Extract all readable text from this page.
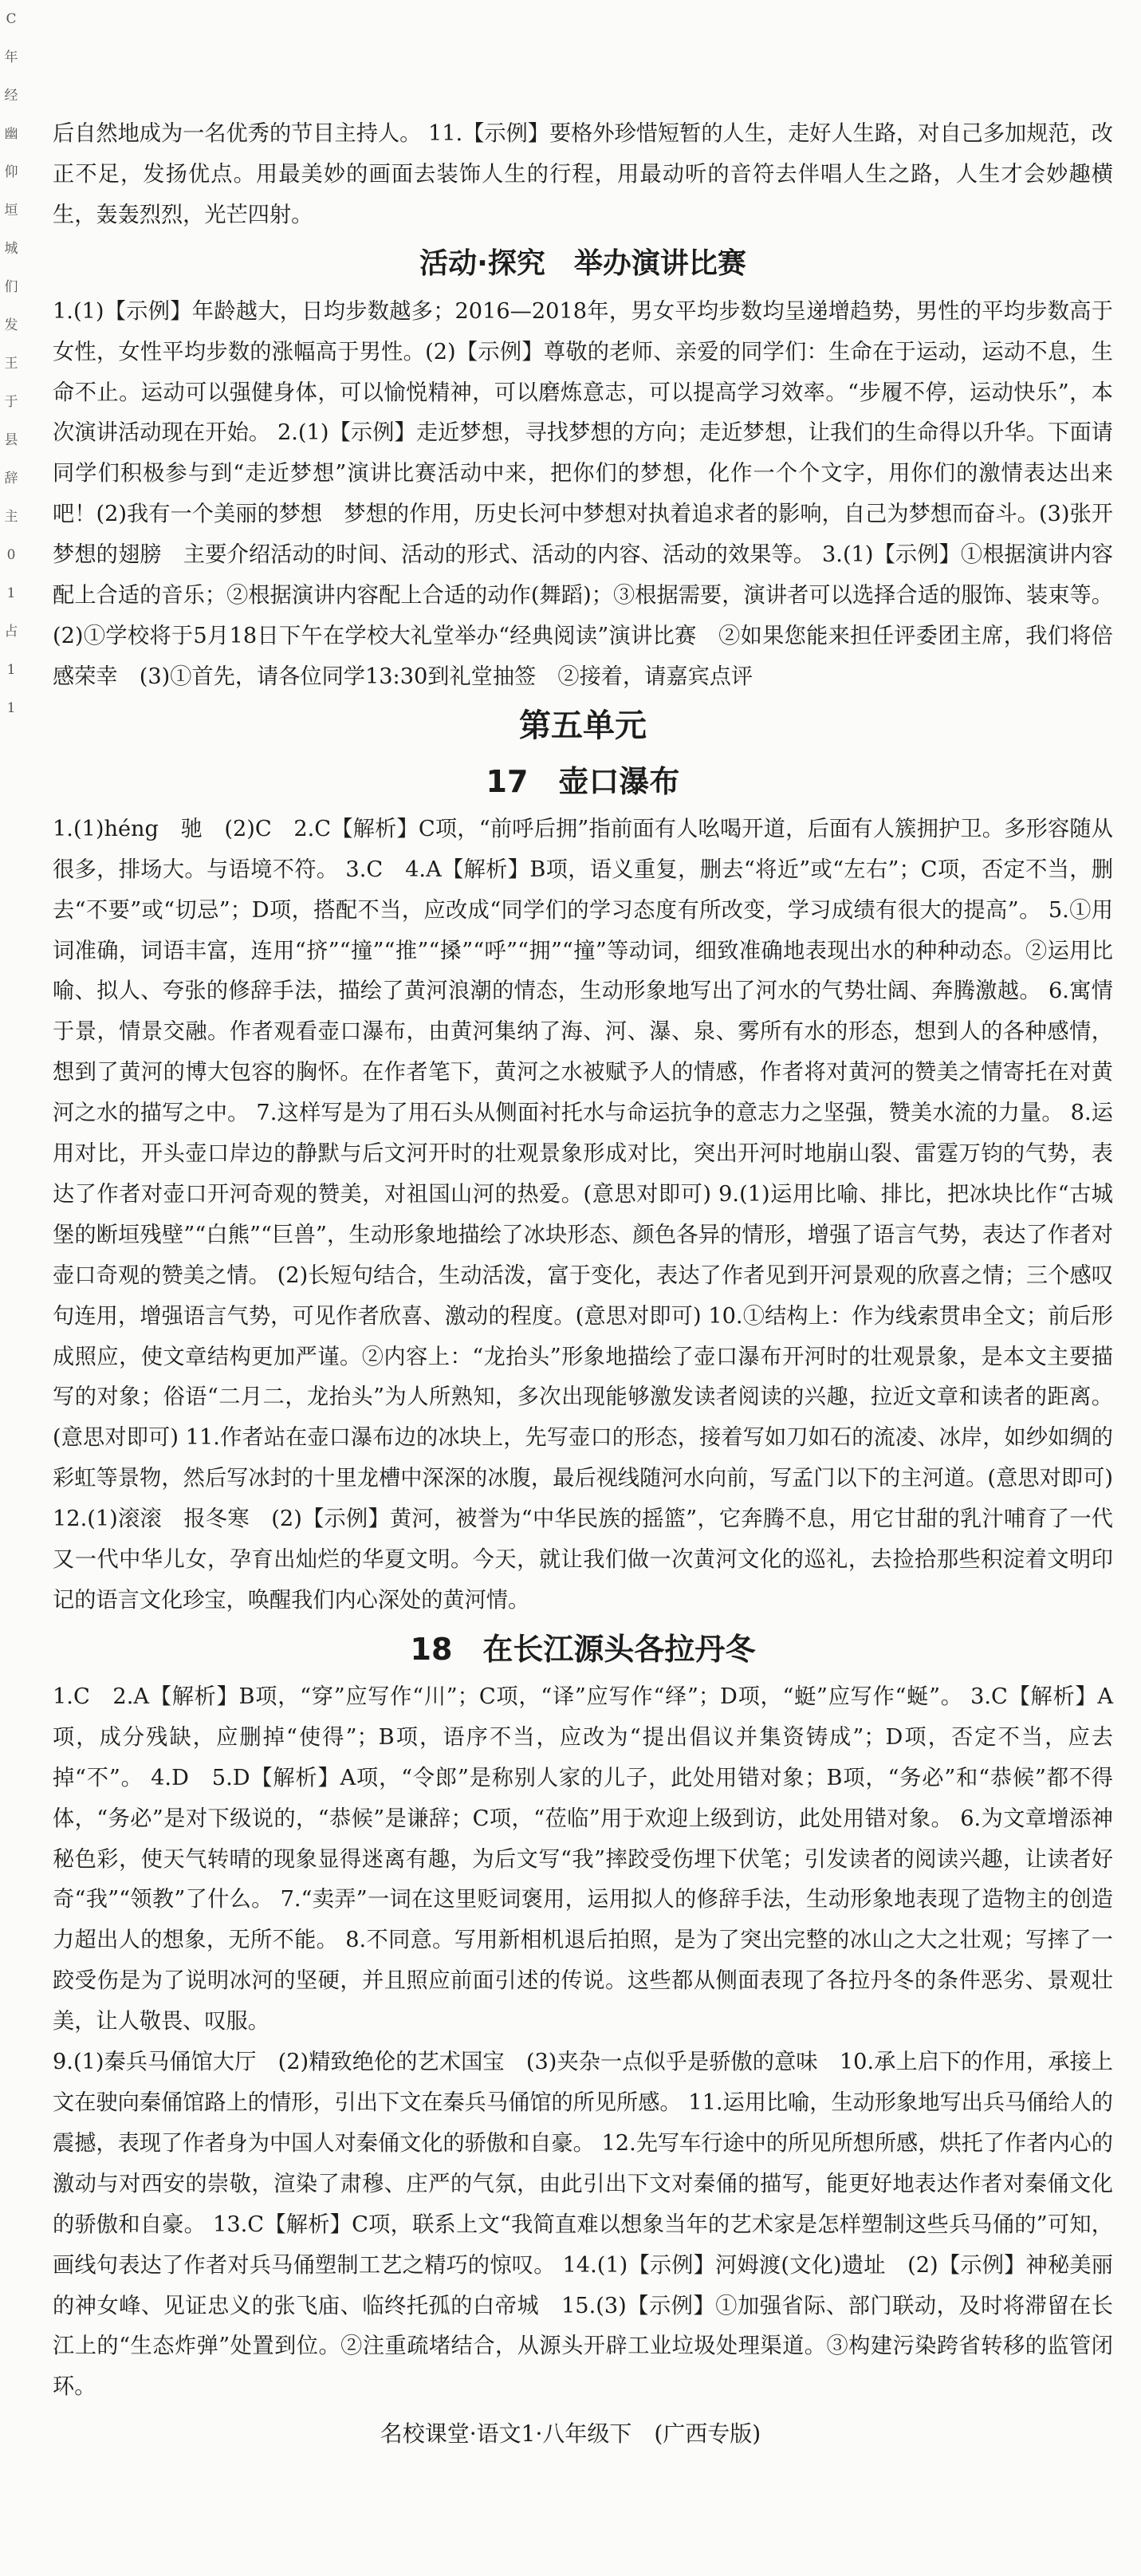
C
年
经
幽
仰
垣
城
们
发
王
于
县
辞
主
0
1
占
1
1

后自然地成为一名优秀的节目主持人。 11.【示例】要格外珍惜短暂的人生，走好人生路，对自己多加规范，改正不足，发扬优点。用最美妙的画面去装饰人生的行程，用最动听的音符去伴唱人生之路，人生才会妙趣横生，轰轰烈烈，光芒四射。

活动·探究　举办演讲比赛

1.(1)【示例】年龄越大，日均步数越多；2016—2018年，男女平均步数均呈递增趋势，男性的平均步数高于女性，女性平均步数的涨幅高于男性。(2)【示例】尊敬的老师、亲爱的同学们：生命在于运动，运动不息，生命不止。运动可以强健身体，可以愉悦精神，可以磨炼意志，可以提高学习效率。“步履不停，运动快乐”，本次演讲活动现在开始。 2.(1)【示例】走近梦想，寻找梦想的方向；走近梦想，让我们的生命得以升华。下面请同学们积极参与到“走近梦想”演讲比赛活动中来，把你们的梦想，化作一个个文字，用你们的激情表达出来吧！(2)我有一个美丽的梦想　梦想的作用，历史长河中梦想对执着追求者的影响，自己为梦想而奋斗。(3)张开梦想的翅膀　主要介绍活动的时间、活动的形式、活动的内容、活动的效果等。 3.(1)【示例】①根据演讲内容配上合适的音乐；②根据演讲内容配上合适的动作(舞蹈)；③根据需要，演讲者可以选择合适的服饰、装束等。 (2)①学校将于5月18日下午在学校大礼堂举办“经典阅读”演讲比赛　②如果您能来担任评委团主席，我们将倍感荣幸　(3)①首先，请各位同学13:30到礼堂抽签　②接着，请嘉宾点评

第五单元
17　壶口瀑布

1.(1)héng　驰　(2)C　2.C【解析】C项，“前呼后拥”指前面有人吆喝开道，后面有人簇拥护卫。多形容随从很多，排场大。与语境不符。 3.C　4.A【解析】B项，语义重复，删去“将近”或“左右”；C项，否定不当，删去“不要”或“切忌”；D项，搭配不当，应改成“同学们的学习态度有所改变，学习成绩有很大的提高”。 5.①用词准确，词语丰富，连用“挤”“撞”“推”“搡”“呼”“拥”“撞”等动词，细致准确地表现出水的种种动态。②运用比喻、拟人、夸张的修辞手法，描绘了黄河浪潮的情态，生动形象地写出了河水的气势壮阔、奔腾激越。 6.寓情于景，情景交融。作者观看壶口瀑布，由黄河集纳了海、河、瀑、泉、雾所有水的形态，想到人的各种感情，想到了黄河的博大包容的胸怀。在作者笔下，黄河之水被赋予人的情感，作者将对黄河的赞美之情寄托在对黄河之水的描写之中。 7.这样写是为了用石头从侧面衬托水与命运抗争的意志力之坚强，赞美水流的力量。 8.运用对比，开头壶口岸边的静默与后文河开时的壮观景象形成对比，突出开河时地崩山裂、雷霆万钧的气势，表达了作者对壶口开河奇观的赞美，对祖国山河的热爱。(意思对即可) 9.(1)运用比喻、排比，把冰块比作“古城堡的断垣残壁”“白熊”“巨兽”，生动形象地描绘了冰块形态、颜色各异的情形，增强了语言气势，表达了作者对壶口奇观的赞美之情。 (2)长短句结合，生动活泼，富于变化，表达了作者见到开河景观的欣喜之情；三个感叹句连用，增强语言气势，可见作者欣喜、激动的程度。(意思对即可) 10.①结构上：作为线索贯串全文；前后形成照应，使文章结构更加严谨。②内容上：“龙抬头”形象地描绘了壶口瀑布开河时的壮观景象，是本文主要描写的对象；俗语“二月二，龙抬头”为人所熟知，多次出现能够激发读者阅读的兴趣，拉近文章和读者的距离。(意思对即可) 11.作者站在壶口瀑布边的冰块上，先写壶口的形态，接着写如刀如石的流凌、冰岸，如纱如绸的彩虹等景物，然后写冰封的十里龙槽中深深的冰腹，最后视线随河水向前，写孟门以下的主河道。(意思对即可) 12.(1)滚滚　报冬寒　(2)【示例】黄河，被誉为“中华民族的摇篮”，它奔腾不息，用它甘甜的乳汁哺育了一代又一代中华儿女，孕育出灿烂的华夏文明。今天，就让我们做一次黄河文化的巡礼，去捡拾那些积淀着文明印记的语言文化珍宝，唤醒我们内心深处的黄河情。

18　在长江源头各拉丹冬

1.C　2.A【解析】B项，“穿”应写作“川”；C项，“译”应写作“绎”；D项，“蜓”应写作“蜒”。 3.C【解析】A项，成分残缺，应删掉“使得”；B项，语序不当，应改为“提出倡议并集资铸成”；D项，否定不当，应去掉“不”。 4.D　5.D【解析】A项，“令郎”是称别人家的儿子，此处用错对象；B项，“务必”和“恭候”都不得体，“务必”是对下级说的，“恭候”是谦辞；C项，“莅临”用于欢迎上级到访，此处用错对象。 6.为文章增添神秘色彩，使天气转晴的现象显得迷离有趣，为后文写“我”摔跤受伤埋下伏笔；引发读者的阅读兴趣，让读者好奇“我”“领教”了什么。 7.“卖弄”一词在这里贬词褒用，运用拟人的修辞手法，生动形象地表现了造物主的创造力超出人的想象，无所不能。 8.不同意。写用新相机退后拍照，是为了突出完整的冰山之大之壮观；写摔了一跤受伤是为了说明冰河的坚硬，并且照应前面引述的传说。这些都从侧面表现了各拉丹冬的条件恶劣、景观壮美，让人敬畏、叹服。

9.(1)秦兵马俑馆大厅　(2)精致绝伦的艺术国宝　(3)夹杂一点似乎是骄傲的意味　10.承上启下的作用，承接上文在驶向秦俑馆路上的情形，引出下文在秦兵马俑馆的所见所感。 11.运用比喻，生动形象地写出兵马俑给人的震撼，表现了作者身为中国人对秦俑文化的骄傲和自豪。 12.先写车行途中的所见所想所感，烘托了作者内心的激动与对西安的崇敬，渲染了肃穆、庄严的气氛，由此引出下文对秦俑的描写，能更好地表达作者对秦俑文化的骄傲和自豪。 13.C【解析】C项，联系上文“我简直难以想象当年的艺术家是怎样塑制这些兵马俑的”可知，画线句表达了作者对兵马俑塑制工艺之精巧的惊叹。 14.(1)【示例】河姆渡(文化)遗址　(2)【示例】神秘美丽的神女峰、见证忠义的张飞庙、临终托孤的白帝城　15.(3)【示例】①加强省际、部门联动，及时将滞留在长江上的“生态炸弹”处置到位。②注重疏堵结合，从源头开辟工业垃圾处理渠道。③构建污染跨省转移的监管闭环。

名校课堂·语文1·八年级下　(广西专版)
